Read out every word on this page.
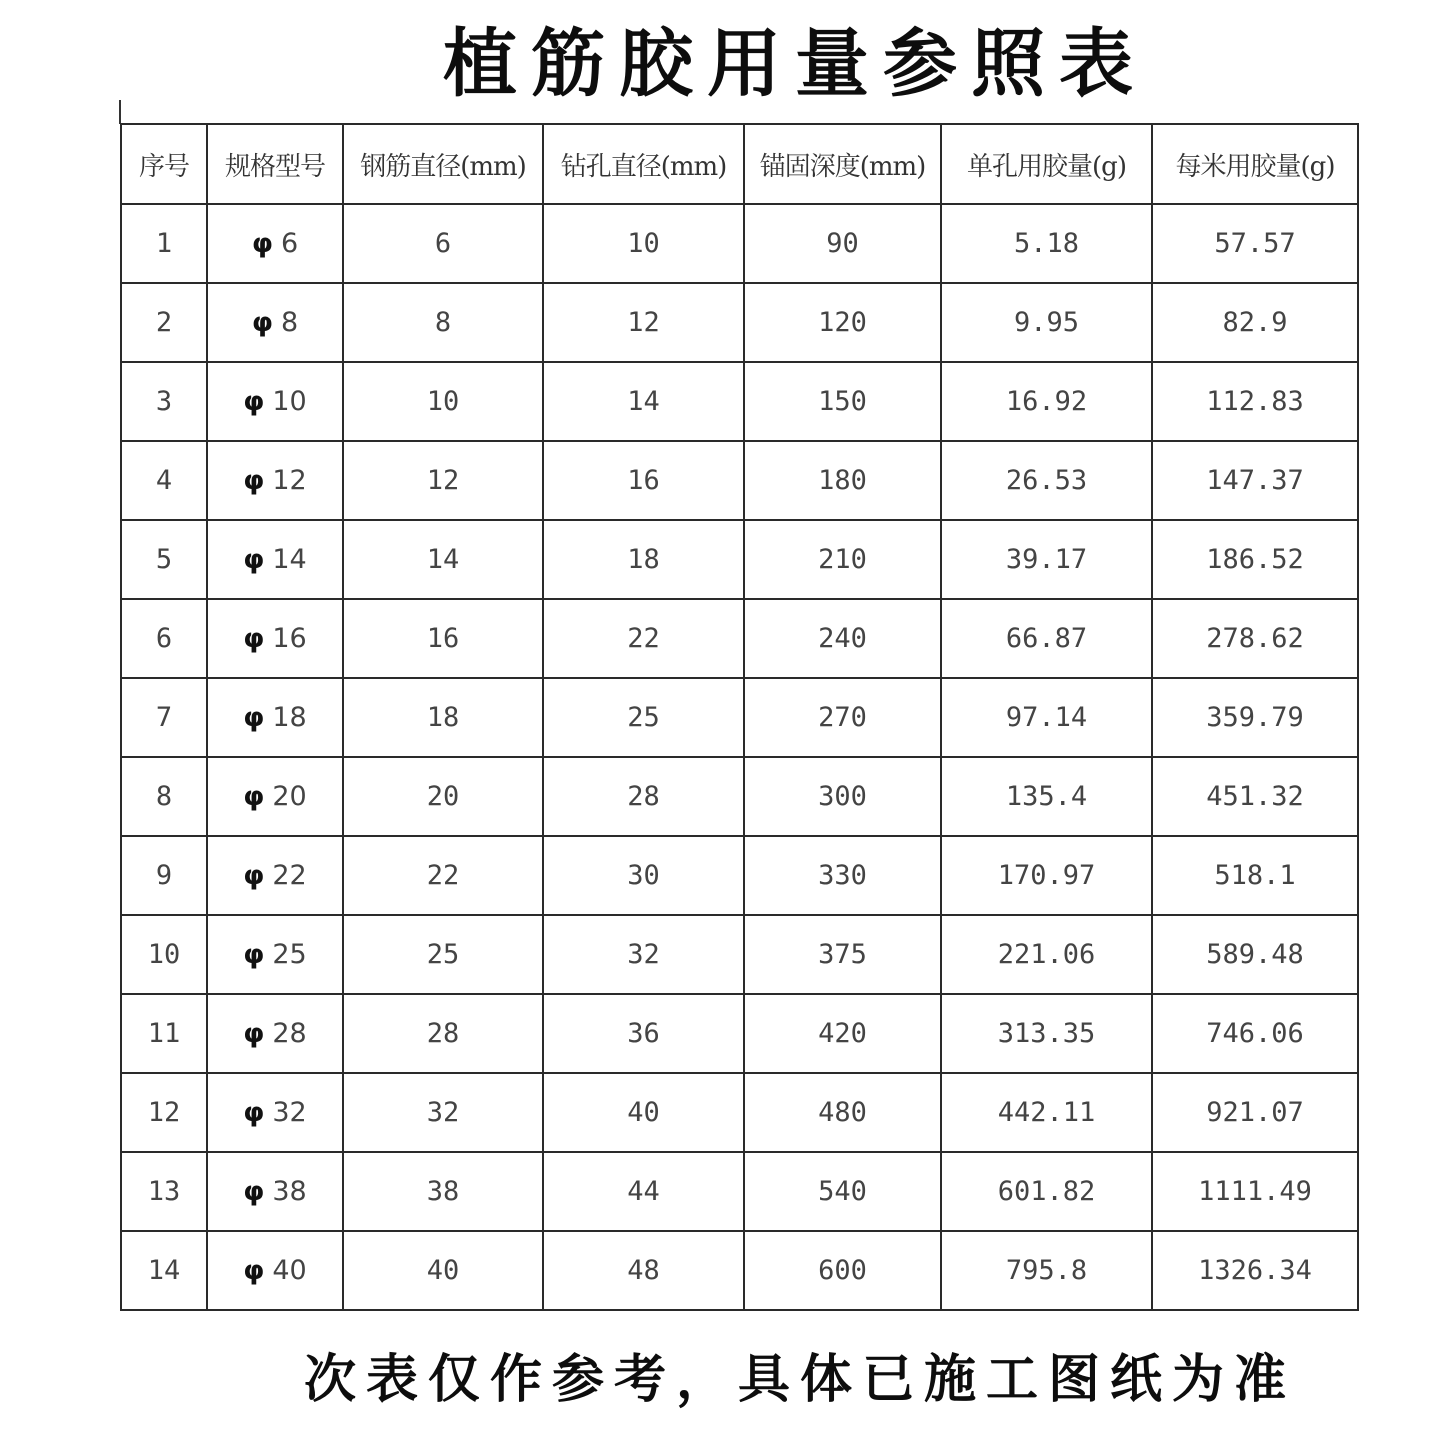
植筋胶用量参照表
序号	规格型号	钢筋直径(mm)	钻孔直径(mm)	锚固深度(mm)	单孔用胶量(g)	每米用胶量(g)
1	φ 6	6	10	90	5.18	57.57
2	φ 8	8	12	120	9.95	82.9
3	φ 10	10	14	150	16.92	112.83
4	φ 12	12	16	180	26.53	147.37
5	φ 14	14	18	210	39.17	186.52
6	φ 16	16	22	240	66.87	278.62
7	φ 18	18	25	270	97.14	359.79
8	φ 20	20	28	300	135.4	451.32
9	φ 22	22	30	330	170.97	518.1
10	φ 25	25	32	375	221.06	589.48
11	φ 28	28	36	420	313.35	746.06
12	φ 32	32	40	480	442.11	921.07
13	φ 38	38	44	540	601.82	1111.49
14	φ 40	40	48	600	795.8	1326.34
次表仅作参考，具体已施工图纸为准
